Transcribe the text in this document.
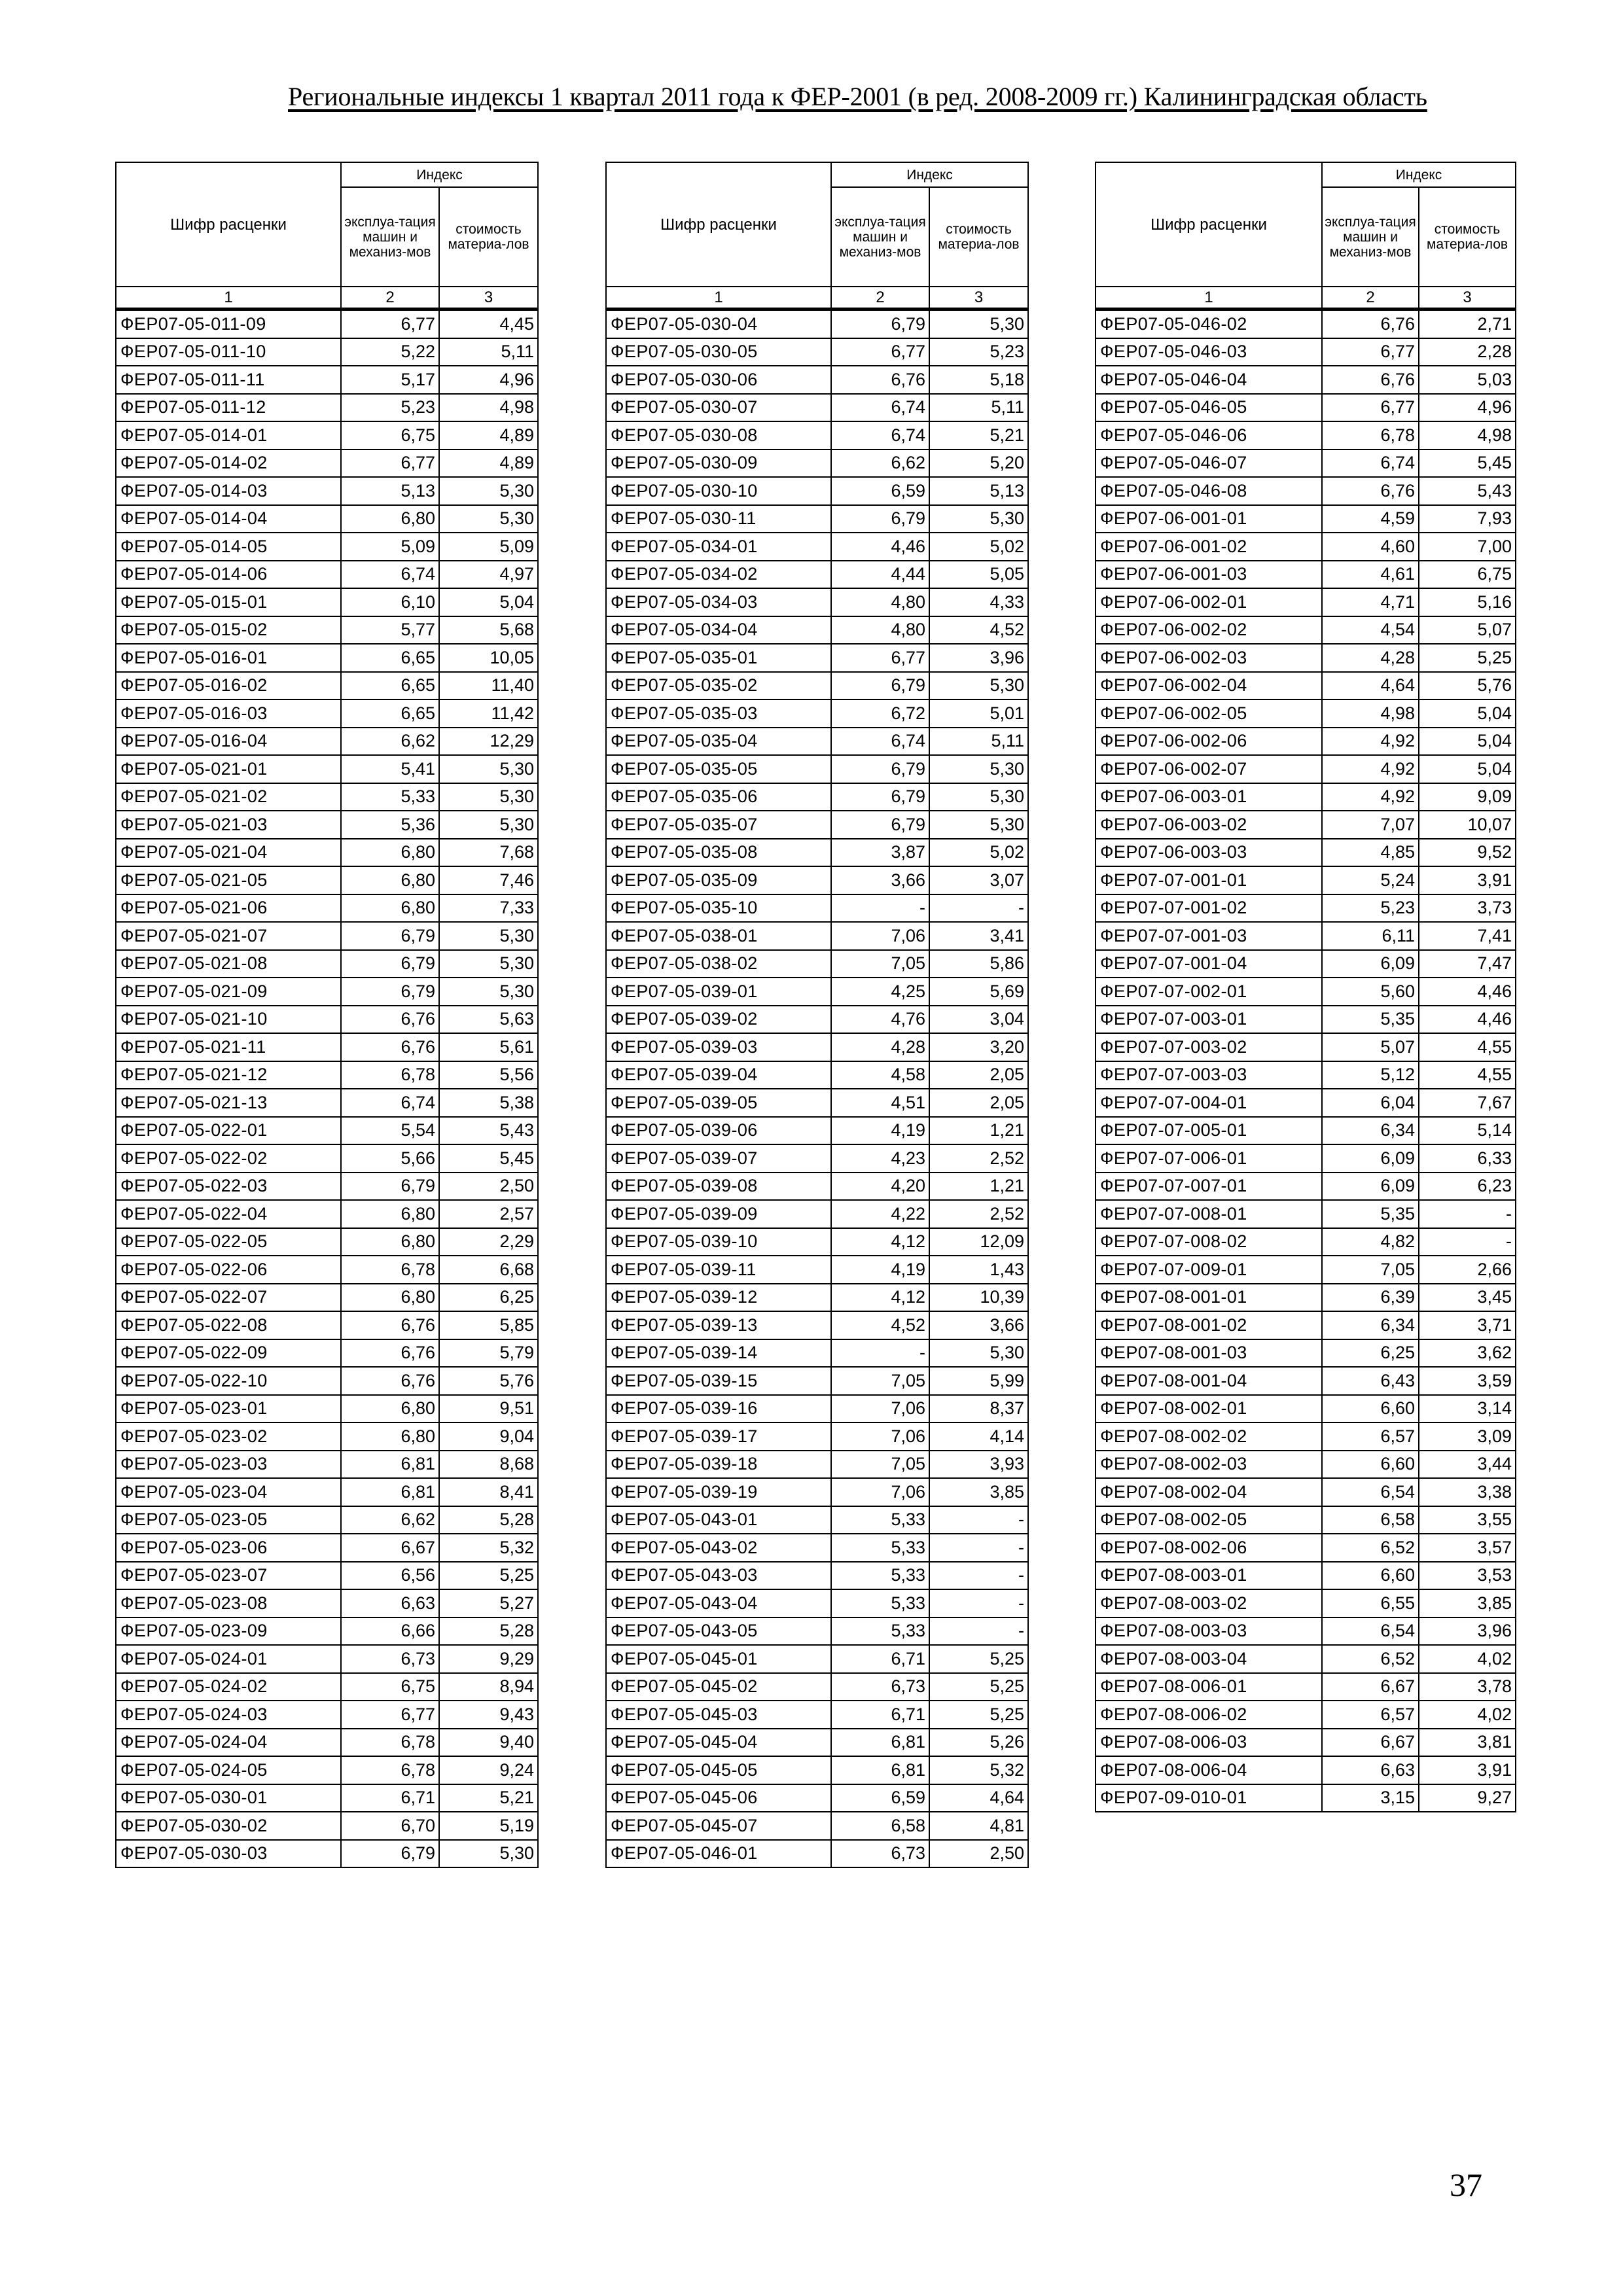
Региональные индексы 1 квартал 2011 года к ФЕР-2001 (в ред. 2008-2009 гг.) Калининградская область
Шифр расценки	Индекс	
	эксплуа-тация машин и механиз-мов	стоимость материа-лов
1	2	3
ФЕР07-05-011-09	6,77	4,45
ФЕР07-05-011-10	5,22	5,11
ФЕР07-05-011-11	5,17	4,96
ФЕР07-05-011-12	5,23	4,98
ФЕР07-05-014-01	6,75	4,89
ФЕР07-05-014-02	6,77	4,89
ФЕР07-05-014-03	5,13	5,30
ФЕР07-05-014-04	6,80	5,30
ФЕР07-05-014-05	5,09	5,09
ФЕР07-05-014-06	6,74	4,97
ФЕР07-05-015-01	6,10	5,04
ФЕР07-05-015-02	5,77	5,68
ФЕР07-05-016-01	6,65	10,05
ФЕР07-05-016-02	6,65	11,40
ФЕР07-05-016-03	6,65	11,42
ФЕР07-05-016-04	6,62	12,29
ФЕР07-05-021-01	5,41	5,30
ФЕР07-05-021-02	5,33	5,30
ФЕР07-05-021-03	5,36	5,30
ФЕР07-05-021-04	6,80	7,68
ФЕР07-05-021-05	6,80	7,46
ФЕР07-05-021-06	6,80	7,33
ФЕР07-05-021-07	6,79	5,30
ФЕР07-05-021-08	6,79	5,30
ФЕР07-05-021-09	6,79	5,30
ФЕР07-05-021-10	6,76	5,63
ФЕР07-05-021-11	6,76	5,61
ФЕР07-05-021-12	6,78	5,56
ФЕР07-05-021-13	6,74	5,38
ФЕР07-05-022-01	5,54	5,43
ФЕР07-05-022-02	5,66	5,45
ФЕР07-05-022-03	6,79	2,50
ФЕР07-05-022-04	6,80	2,57
ФЕР07-05-022-05	6,80	2,29
ФЕР07-05-022-06	6,78	6,68
ФЕР07-05-022-07	6,80	6,25
ФЕР07-05-022-08	6,76	5,85
ФЕР07-05-022-09	6,76	5,79
ФЕР07-05-022-10	6,76	5,76
ФЕР07-05-023-01	6,80	9,51
ФЕР07-05-023-02	6,80	9,04
ФЕР07-05-023-03	6,81	8,68
ФЕР07-05-023-04	6,81	8,41
ФЕР07-05-023-05	6,62	5,28
ФЕР07-05-023-06	6,67	5,32
ФЕР07-05-023-07	6,56	5,25
ФЕР07-05-023-08	6,63	5,27
ФЕР07-05-023-09	6,66	5,28
ФЕР07-05-024-01	6,73	9,29
ФЕР07-05-024-02	6,75	8,94
ФЕР07-05-024-03	6,77	9,43
ФЕР07-05-024-04	6,78	9,40
ФЕР07-05-024-05	6,78	9,24
ФЕР07-05-030-01	6,71	5,21
ФЕР07-05-030-02	6,70	5,19
ФЕР07-05-030-03	6,79	5,30
Шифр расценки	Индекс	
	эксплуа-тация машин и механиз-мов	стоимость материа-лов
1	2	3
ФЕР07-05-030-04	6,79	5,30
ФЕР07-05-030-05	6,77	5,23
ФЕР07-05-030-06	6,76	5,18
ФЕР07-05-030-07	6,74	5,11
ФЕР07-05-030-08	6,74	5,21
ФЕР07-05-030-09	6,62	5,20
ФЕР07-05-030-10	6,59	5,13
ФЕР07-05-030-11	6,79	5,30
ФЕР07-05-034-01	4,46	5,02
ФЕР07-05-034-02	4,44	5,05
ФЕР07-05-034-03	4,80	4,33
ФЕР07-05-034-04	4,80	4,52
ФЕР07-05-035-01	6,77	3,96
ФЕР07-05-035-02	6,79	5,30
ФЕР07-05-035-03	6,72	5,01
ФЕР07-05-035-04	6,74	5,11
ФЕР07-05-035-05	6,79	5,30
ФЕР07-05-035-06	6,79	5,30
ФЕР07-05-035-07	6,79	5,30
ФЕР07-05-035-08	3,87	5,02
ФЕР07-05-035-09	3,66	3,07
ФЕР07-05-035-10	-	-
ФЕР07-05-038-01	7,06	3,41
ФЕР07-05-038-02	7,05	5,86
ФЕР07-05-039-01	4,25	5,69
ФЕР07-05-039-02	4,76	3,04
ФЕР07-05-039-03	4,28	3,20
ФЕР07-05-039-04	4,58	2,05
ФЕР07-05-039-05	4,51	2,05
ФЕР07-05-039-06	4,19	1,21
ФЕР07-05-039-07	4,23	2,52
ФЕР07-05-039-08	4,20	1,21
ФЕР07-05-039-09	4,22	2,52
ФЕР07-05-039-10	4,12	12,09
ФЕР07-05-039-11	4,19	1,43
ФЕР07-05-039-12	4,12	10,39
ФЕР07-05-039-13	4,52	3,66
ФЕР07-05-039-14	-	5,30
ФЕР07-05-039-15	7,05	5,99
ФЕР07-05-039-16	7,06	8,37
ФЕР07-05-039-17	7,06	4,14
ФЕР07-05-039-18	7,05	3,93
ФЕР07-05-039-19	7,06	3,85
ФЕР07-05-043-01	5,33	-
ФЕР07-05-043-02	5,33	-
ФЕР07-05-043-03	5,33	-
ФЕР07-05-043-04	5,33	-
ФЕР07-05-043-05	5,33	-
ФЕР07-05-045-01	6,71	5,25
ФЕР07-05-045-02	6,73	5,25
ФЕР07-05-045-03	6,71	5,25
ФЕР07-05-045-04	6,81	5,26
ФЕР07-05-045-05	6,81	5,32
ФЕР07-05-045-06	6,59	4,64
ФЕР07-05-045-07	6,58	4,81
ФЕР07-05-046-01	6,73	2,50
Шифр расценки	Индекс	
	эксплуа-тация машин и механиз-мов	стоимость материа-лов
1	2	3
ФЕР07-05-046-02	6,76	2,71
ФЕР07-05-046-03	6,77	2,28
ФЕР07-05-046-04	6,76	5,03
ФЕР07-05-046-05	6,77	4,96
ФЕР07-05-046-06	6,78	4,98
ФЕР07-05-046-07	6,74	5,45
ФЕР07-05-046-08	6,76	5,43
ФЕР07-06-001-01	4,59	7,93
ФЕР07-06-001-02	4,60	7,00
ФЕР07-06-001-03	4,61	6,75
ФЕР07-06-002-01	4,71	5,16
ФЕР07-06-002-02	4,54	5,07
ФЕР07-06-002-03	4,28	5,25
ФЕР07-06-002-04	4,64	5,76
ФЕР07-06-002-05	4,98	5,04
ФЕР07-06-002-06	4,92	5,04
ФЕР07-06-002-07	4,92	5,04
ФЕР07-06-003-01	4,92	9,09
ФЕР07-06-003-02	7,07	10,07
ФЕР07-06-003-03	4,85	9,52
ФЕР07-07-001-01	5,24	3,91
ФЕР07-07-001-02	5,23	3,73
ФЕР07-07-001-03	6,11	7,41
ФЕР07-07-001-04	6,09	7,47
ФЕР07-07-002-01	5,60	4,46
ФЕР07-07-003-01	5,35	4,46
ФЕР07-07-003-02	5,07	4,55
ФЕР07-07-003-03	5,12	4,55
ФЕР07-07-004-01	6,04	7,67
ФЕР07-07-005-01	6,34	5,14
ФЕР07-07-006-01	6,09	6,33
ФЕР07-07-007-01	6,09	6,23
ФЕР07-07-008-01	5,35	-
ФЕР07-07-008-02	4,82	-
ФЕР07-07-009-01	7,05	2,66
ФЕР07-08-001-01	6,39	3,45
ФЕР07-08-001-02	6,34	3,71
ФЕР07-08-001-03	6,25	3,62
ФЕР07-08-001-04	6,43	3,59
ФЕР07-08-002-01	6,60	3,14
ФЕР07-08-002-02	6,57	3,09
ФЕР07-08-002-03	6,60	3,44
ФЕР07-08-002-04	6,54	3,38
ФЕР07-08-002-05	6,58	3,55
ФЕР07-08-002-06	6,52	3,57
ФЕР07-08-003-01	6,60	3,53
ФЕР07-08-003-02	6,55	3,85
ФЕР07-08-003-03	6,54	3,96
ФЕР07-08-003-04	6,52	4,02
ФЕР07-08-006-01	6,67	3,78
ФЕР07-08-006-02	6,57	4,02
ФЕР07-08-006-03	6,67	3,81
ФЕР07-08-006-04	6,63	3,91
ФЕР07-09-010-01	3,15	9,27
37
